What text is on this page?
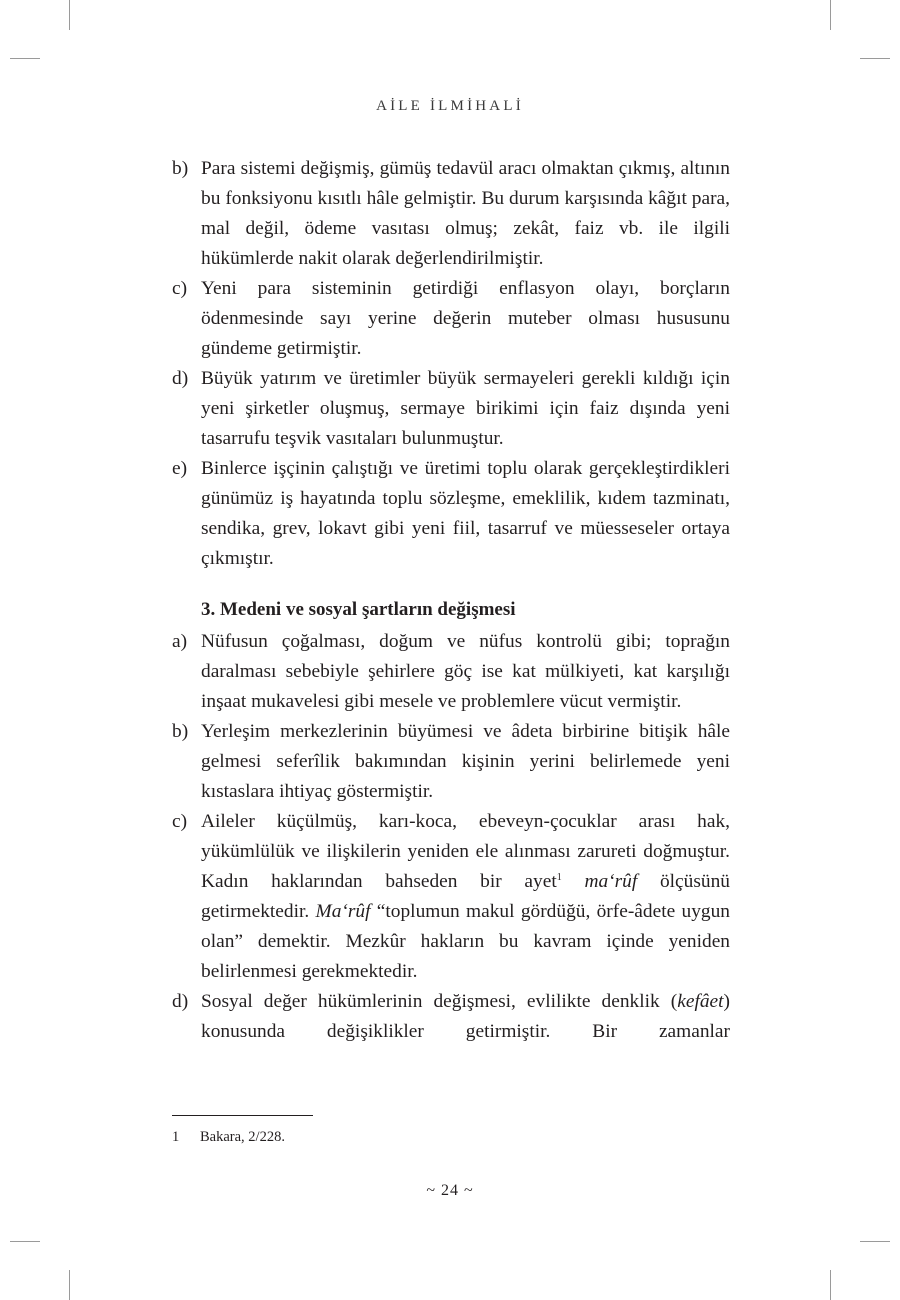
AİLE İLMİHALİ
b) Para sistemi değişmiş, gümüş tedavül aracı olmaktan çıkmış, altının bu fonksiyonu kısıtlı hâle gelmiştir. Bu durum karşısında kâğıt para, mal değil, ödeme vasıtası olmuş; zekât, faiz vb. ile ilgili hükümlerde nakit olarak değerlendirilmiştir.
c) Yeni para sisteminin getirdiği enflasyon olayı, borçların ödenmesinde sayı yerine değerin muteber olması hususunu gündeme getirmiştir.
d) Büyük yatırım ve üretimler büyük sermayeleri gerekli kıldığı için yeni şirketler oluşmuş, sermaye birikimi için faiz dışında yeni tasarrufu teşvik vasıtaları bulunmuştur.
e) Binlerce işçinin çalıştığı ve üretimi toplu olarak gerçekleştirdikleri günümüz iş hayatında toplu sözleşme, emeklilik, kıdem tazminatı, sendika, grev, lokavt gibi yeni fiil, tasarruf ve müesseseler ortaya çıkmıştır.
3. Medeni ve sosyal şartların değişmesi
a) Nüfusun çoğalması, doğum ve nüfus kontrolü gibi; toprağın daralması sebebiyle şehirlere göç ise kat mülkiyeti, kat karşılığı inşaat mukavelesi gibi mesele ve problemlere vücut vermiştir.
b) Yerleşim merkezlerinin büyümesi ve âdeta birbirine bitişik hâle gelmesi seferîlik bakımından kişinin yerini belirlemede yeni kıstaslara ihtiyaç göstermiştir.
c) Aileler küçülmüş, karı-koca, ebeveyn-çocuklar arası hak, yükümlülük ve ilişkilerin yeniden ele alınması zarureti doğmuştur. Kadın haklarından bahseden bir ayet$^1$ ma‘rûf ölçüsünü getirmektedir. Ma‘rûf “toplumun makul gördüğü, örfe-âdete uygun olan” demektir. Mezkûr hakların bu kavram içinde yeniden belirlenmesi gerekmektedir.
d) Sosyal değer hükümlerinin değişmesi, evlilikte denklik (kefâet) konusunda değişiklikler getirmiştir. Bir zamanlar
1 Bakara, 2/228.
~ 24 ~
